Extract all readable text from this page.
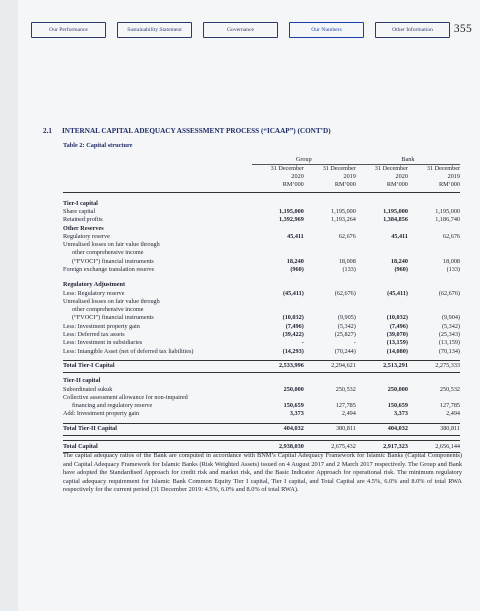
Our Performance	Sustainability Statement	Governance	Our Numbers	Other Information	355
2.1 INTERNAL CAPITAL ADEQUACY ASSESSMENT PROCESS (“ICAAP”) (CONT’D)
Table 2: Capital structure
	Group		Bank	
	31 December	31 December	31 December	31 December
	2020	2019	2020	2019
	RM’000	RM’000	RM’000	RM’000

Tier-I capital				
Share capital	1,195,000	1,195,000	1,195,000	1,195,000
Retained profits	1,392,969	1,193,264	1,384,856	1,186,740
Other Reserves				
Regulatory reserve	45,411	62,676	45,411	62,676
Unrealised losses on fair value through				
other comprehensive income				
(“FVOCI”) financial instruments	18,240	18,008	18,240	18,008
Foreign exchange translation reserve	(960)	(133)	(960)	(133)

Regulatory Adjustment				
Less: Regulatory reserve	(45,411)	(62,676)	(45,411)	(62,676)
Unrealised losses on fair value through				
other comprehensive income				
(“FVOCI”) financial instruments	(10,032)	(9,905)	(10,032)	(9,904)
Less: Investment property gain	(7,496)	(5,342)	(7,496)	(5,342)
Less: Deferred tax assets	(39,422)	(25,827)	(39,070)	(25,343)
Less: Investment in subsidiaries	-	-	(13,159)	(13,159)
Less: Intangible Asset (net of deferred tax liabilities)	(14,293)	(70,244)	(14,080)	(70,134)

Total Tier-I Capital	2,533,996	2,294,621	2,513,291	2,275,333

Tier-II capital				
Subordinated sukuk	250,000	250,532	250,000	250,532
Collective assessment allowance for non-impaired				
financing and regulatory reserve	150,659	127,785	150,659	127,785
Add: Investment property gain	3,373	2,494	3,373	2,494

Total Tier-II Capital	404,032	380,811	404,032	380,811

Total Capital	2,938,030	2,675,432	2,917,323	2,656,144
The capital adequacy ratios of the Bank are computed in accordance with BNM’s Capital Adequacy Framework for Islamic Banks (Capital Components) and Capital Adequacy Framework for Islamic Banks (Risk Weighted Assets) issued on 4 August 2017 and 2 March 2017 respectively. The Group and Bank have adopted the Standardised Approach for credit risk and market risk, and the Basic Indicator Approach for operational risk. The minimum regulatory capital adequacy requirement for Islamic Bank Common Equity Tier I capital, Tier I capital, and Total Capital are 4.5%, 6.0% and 8.0% of total RWA respectively for the current period (31 December 2019: 4.5%, 6.0% and 8.0% of total RWA).
